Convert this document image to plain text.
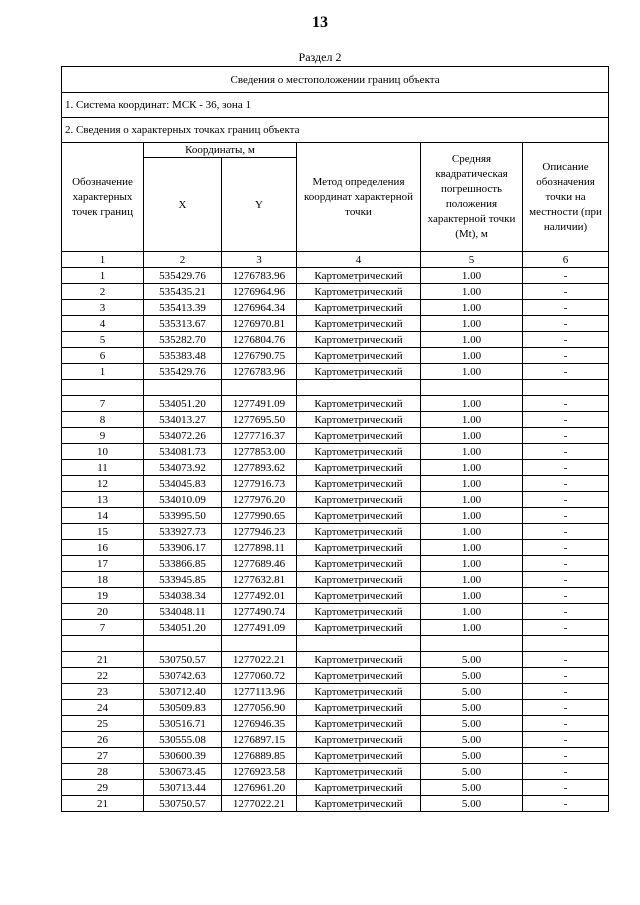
13
Раздел 2
Сведения о местоположении границ объекта					
1. Система координат: МСК - 36, зона 1					
2. Сведения о характерных точках границ объекта					
Обозначение характерных точек границ	Координаты, м		Метод определения координат характерной точки	Средняя квадратическая погрешность положения характерной точки (Mt), м	Описание обозначения точки на местности (при наличии)
	X	Y			
1	2	3	4	5	6
1	535429.76	1276783.96	Картометрический	1.00	-
2	535435.21	1276964.96	Картометрический	1.00	-
3	535413.39	1276964.34	Картометрический	1.00	-
4	535313.67	1276970.81	Картометрический	1.00	-
5	535282.70	1276804.76	Картометрический	1.00	-
6	535383.48	1276790.75	Картометрический	1.00	-
1	535429.76	1276783.96	Картометрический	1.00	-

7	534051.20	1277491.09	Картометрический	1.00	-
8	534013.27	1277695.50	Картометрический	1.00	-
9	534072.26	1277716.37	Картометрический	1.00	-
10	534081.73	1277853.00	Картометрический	1.00	-
11	534073.92	1277893.62	Картометрический	1.00	-
12	534045.83	1277916.73	Картометрический	1.00	-
13	534010.09	1277976.20	Картометрический	1.00	-
14	533995.50	1277990.65	Картометрический	1.00	-
15	533927.73	1277946.23	Картометрический	1.00	-
16	533906.17	1277898.11	Картометрический	1.00	-
17	533866.85	1277689.46	Картометрический	1.00	-
18	533945.85	1277632.81	Картометрический	1.00	-
19	534038.34	1277492.01	Картометрический	1.00	-
20	534048.11	1277490.74	Картометрический	1.00	-
7	534051.20	1277491.09	Картометрический	1.00	-

21	530750.57	1277022.21	Картометрический	5.00	-
22	530742.63	1277060.72	Картометрический	5.00	-
23	530712.40	1277113.96	Картометрический	5.00	-
24	530509.83	1277056.90	Картометрический	5.00	-
25	530516.71	1276946.35	Картометрический	5.00	-
26	530555.08	1276897.15	Картометрический	5.00	-
27	530600.39	1276889.85	Картометрический	5.00	-
28	530673.45	1276923.58	Картометрический	5.00	-
29	530713.44	1276961.20	Картометрический	5.00	-
21	530750.57	1277022.21	Картометрический	5.00	-
